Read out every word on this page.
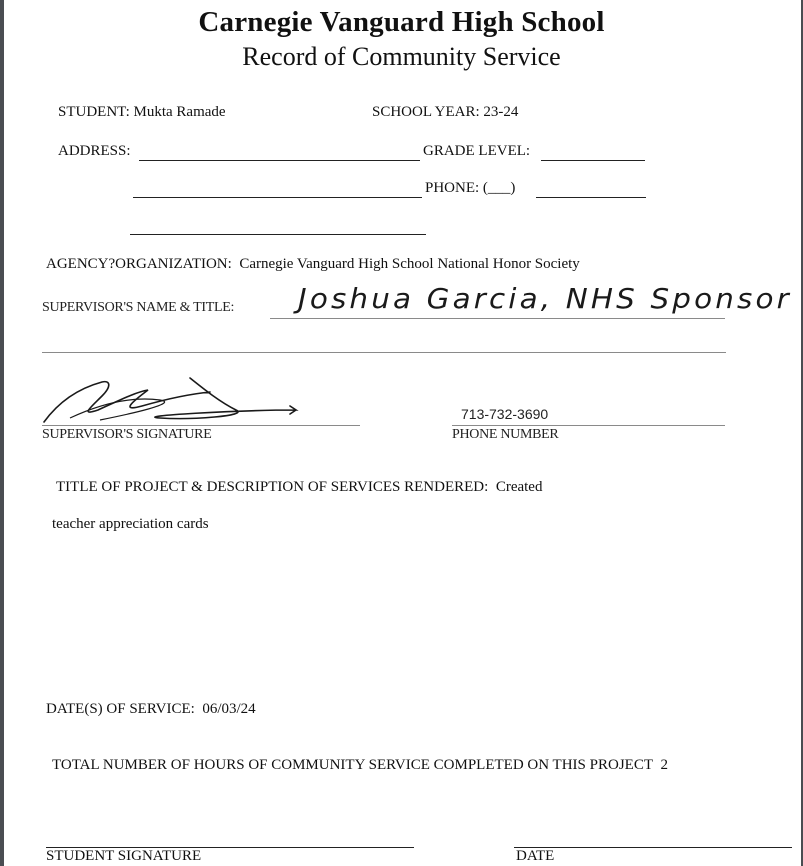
Carnegie Vanguard High School
Record of Community Service
STUDENT: Mukta Ramade	SCHOOL YEAR: 23-24
ADDRESS:	GRADE LEVEL:
PHONE: (___)
AGENCY?ORGANIZATION: Carnegie Vanguard High School National Honor Society
SUPERVISOR'S NAME & TITLE: Joshua Garcia, NHS Sponsor
SUPERVISOR'S SIGNATURE
713-732-3690
PHONE NUMBER
TITLE OF PROJECT & DESCRIPTION OF SERVICES RENDERED: Created
teacher appreciation cards
DATE(S) OF SERVICE: 06/03/24
TOTAL NUMBER OF HOURS OF COMMUNITY SERVICE COMPLETED ON THIS PROJECT 2
STUDENT SIGNATURE	DATE
